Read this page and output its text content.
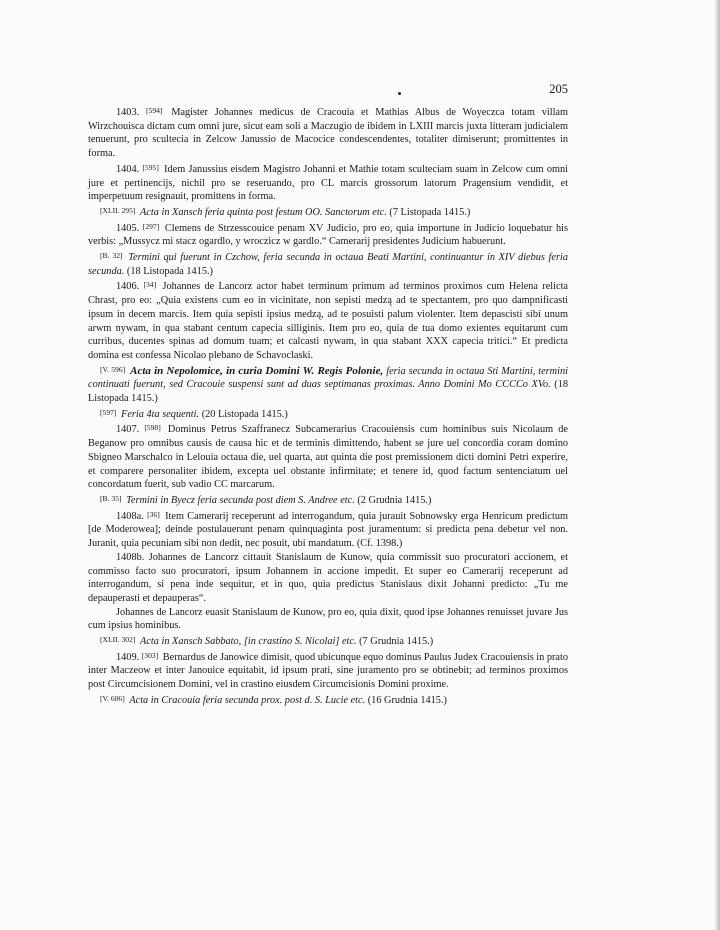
205

1403. [594] Magister Johannes medicus de Cracouia et Mathias Albus de Woyeczca totam villam Wirzchouisca dictam cum omni jure, sicut eam soli a Maczugio de ibidem in LXIII marcis juxta litteram judicialem tenuerunt, pro scultecia in Zelcow Janussio de Macocice condescendentes, totaliter dimiserunt; promittentes in forma.

1404. [595] Idem Janussius eisdem Magistro Johanni et Mathie totam sculteciam suam in Zelcow cum omni jure et pertinencijs, nichil pro se reseruando, pro CL marcis grossorum latorum Pragensium vendidit, et imperpetuum resignauit, promittens in forma.

[XLII. 295] Acta in Xansch feria quinta post festum OO. Sanctorum etc. (7 Listopada 1415.)

1405. [297] Clemens de Strzesscouice penam XV Judicio, pro eo, quia importune in Judicio loquebatur his verbis: „Mussycz mi stacz ogardlo, y wroczicz w gardlo.“ Camerarij presidentes Judicium habuerunt.

[B. 32] Termini qui fuerunt in Czchow, feria secunda in octaua Beati Martini, continuantur in XIV diebus feria secunda. (18 Listopada 1415.)

1406. [34] Johannes de Lancorz actor habet terminum primum ad terminos proximos cum Helena relicta Chrast, pro eo: „Quia existens cum eo in vicinitate, non sepisti medzą ad te spectantem, pro quo dampnificasti ipsum in decem marcis. Item quia sepisti ipsius medzą, ad te posuisti palum violenter. Item depascisti sibi unum arwm nywam, in qua stabant centum capecia silliginis. Item pro eo, quia de tua domo exientes equitarunt cum curribus, ducentes spinas ad domum tuam; et calcasti nywam, in qua stabant XXX capecia tritici.“ Et predicta domina est confessa Nicolao plebano de Schavoclaski.

[V. 596] Acta in Nepolomice, in curia Domini W. Regis Polonie, feria secunda in octaua Sti Martini, termini continuati fuerunt, sed Cracouie suspensi sunt ad duas septimanas proximas. Anno Domini Mo CCCCo XVo. (18 Listopada 1415.)

[597] Feria 4ta sequenti. (20 Listopada 1415.)

1407. [598] Dominus Petrus Szaffranecz Subcamerarius Cracouiensis cum hominibus suis Nicolaum de Beganow pro omnibus causis de causa hic et de terminis dimittendo, habent se jure uel concordia coram domino Sbigneo Marschalco in Lelouia octaua die, uel quarta, aut quinta die post premissionem dicti domini Petri experire, et comparere personaliter ibidem, excepta uel obstante infirmitate; et tenere id, quod factum sentenciatum uel concordatum fuerit, sub vadio CC marcarum.

[B. 35] Termini in Byecz feria secunda post diem S. Andree etc. (2 Grudnia 1415.)

1408a. [36] Item Camerarij receperunt ad interrogandum, quia jurauit Sobnowsky erga Henricum predictum [de Moderowea]; deinde postulauerunt penam quinquaginta post juramentum: si predicta pena debetur vel non. Juranit, quia pecuniam sibi non dedit, nec posuit, ubi mandatum. (Cf. 1398.)

1408b. Johannes de Lancorz cittauit Stanislaum de Kunow, quia commissit suo procuratori accionem, et commisso facto suo procuratori, ipsum Johannem in accione impedit. Et super eo Camerarij receperunt ad interrogandum, si pena inde sequitur, et in quo, quia predictus Stanislaus dixit Johanni predicto: „Tu me depauperasti et depauperas“.

Johannes de Lancorz euasit Stanislaum de Kunow, pro eo, quia dixit, quod ipse Johannes renuisset juvare Jus cum ipsius hominibus.

[XLII. 302] Acta in Xansch Sabbato, [in crastino S. Nicolai] etc. (7 Grudnia 1415.)

1409. [303] Bernardus de Janowice dimisit, quod ubicunque equo dominus Paulus Judex Cracouiensis in prato inter Maczeow et inter Janouice equitabit, id ipsum prati, sine juramento pro se obtinebit; ad terminos proximos post Circumcisionem Domini, vel in crastino eiusdem Circumcisionis Domini proxime.

[V. 606] Acta in Cracouia feria secunda prox. post d. S. Lucie etc. (16 Grudnia 1415.)
